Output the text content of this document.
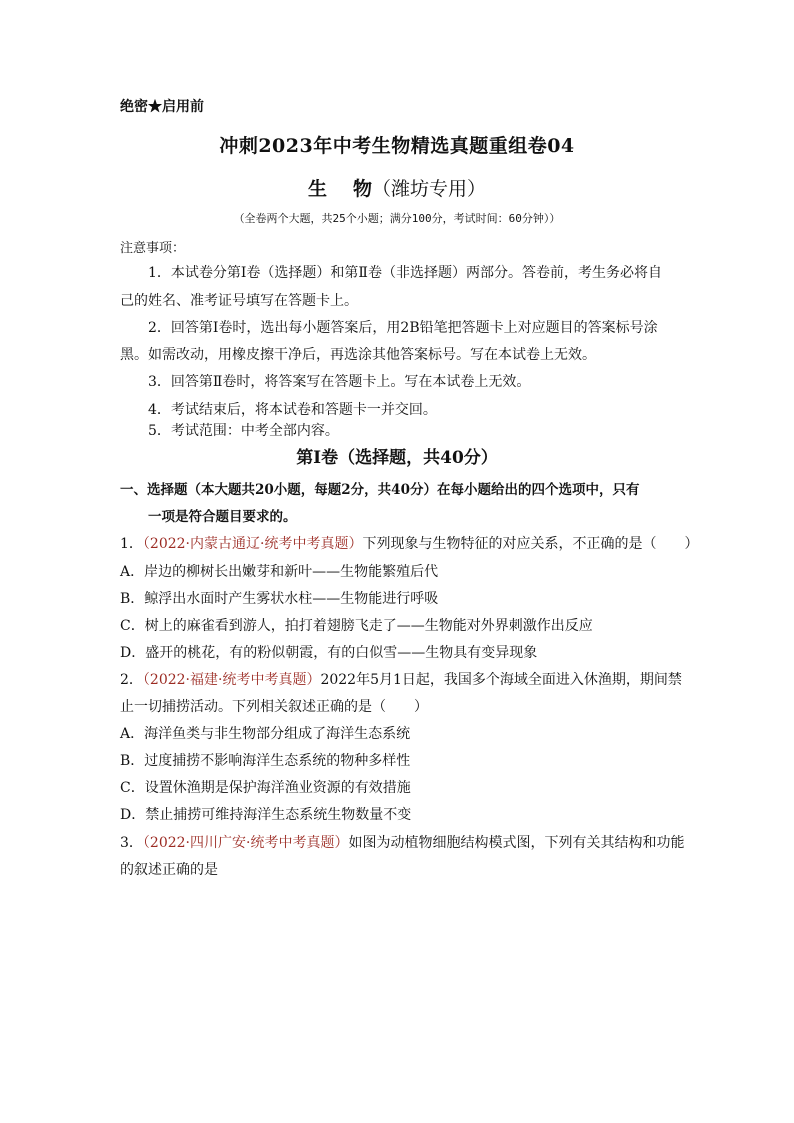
绝密★启用前
冲刺2023年中考生物精选真题重组卷04
生 物（潍坊专用）
（全卷两个大题，共25个小题；满分100分，考试时间：60分钟））
注意事项：
1．本试卷分第Ⅰ卷（选择题）和第Ⅱ卷（非选择题）两部分。答卷前，考生务必将自
己的姓名、准考证号填写在答题卡上。
2．回答第Ⅰ卷时，选出每小题答案后，用2B铅笔把答题卡上对应题目的答案标号涂
黑。如需改动，用橡皮擦干净后，再选涂其他答案标号。写在本试卷上无效。
3．回答第Ⅱ卷时，将答案写在答题卡上。写在本试卷上无效。
4．考试结束后，将本试卷和答题卡一并交回。
5．考试范围：中考全部内容。
第Ⅰ卷（选择题，共40分）
一、选择题（本大题共20小题，每题2分，共40分）在每小题给出的四个选项中，只有
一项是符合题目要求的。
1．（2022·内蒙古通辽·统考中考真题）下列现象与生物特征的对应关系，不正确的是（　　）
A．岸边的柳树长出嫩芽和新叶——生物能繁殖后代
B．鲸浮出水面时产生雾状水柱——生物能进行呼吸
C．树上的麻雀看到游人，拍打着翅膀飞走了——生物能对外界刺激作出反应
D．盛开的桃花，有的粉似朝霞，有的白似雪——生物具有变异现象
2．（2022·福建·统考中考真题）2022年5月1日起，我国多个海域全面进入休渔期，期间禁
止一切捕捞活动。下列相关叙述正确的是（　　）
A．海洋鱼类与非生物部分组成了海洋生态系统
B．过度捕捞不影响海洋生态系统的物种多样性
C．设置休渔期是保护海洋渔业资源的有效措施
D．禁止捕捞可维持海洋生态系统生物数量不变
3．（2022·四川广安·统考中考真题）如图为动植物细胞结构模式图，下列有关其结构和功能
的叙述正确的是
